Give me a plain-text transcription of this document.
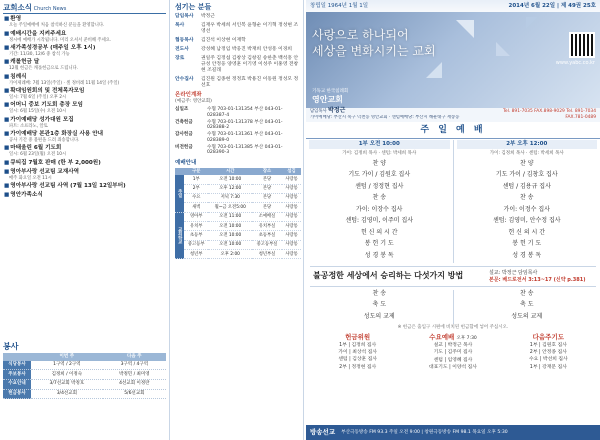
교회소식 Church News
■환영
오늘 주일예배에 처음 참석하신 분들을 환영합니다.
■예배시간을 지켜주세요
정시에 예배가 시작됩니다. 미리 오셔서 준비해 주세요.
■새가족성경공부 (매주일 오후 1시)
기간: 11/30, 12/6 중 참석 가능
■캐롤헌금 달
12월 헌금은 캐롤헌금으로 드립니다.
■침례식
가이제례배: 7월 13일(주일) · 셀 정비례 11월 14일 (주일)
■확대임원회의 및 전체목자모임
일시: 7월 6일 (주일) 오후 2시
■어머니 중보 기도회 총장 모임
일시: 6월 15일(수) 오전 10시
■가이예배당 성가대원 모집
파트: 소프라노, 알토
■가이예배당 본관1층 화장실 사용 안내
공사 기간 중 불편을 드려 죄송합니다.
■마태울린 6월 기도회
일시: 6월 23일(월) 오전 10시
■큐티집 7월호 판매 (한 부 2,000원)
■영아부사랑 선교팀 교재사역
매주 화요일 오전 11시
■영아부사랑 선교팀 사역 (7월 13일 12일부터)
■영안가족소식
봉사
	이번 주	다음 주
식당봉사	1구역 / 2구역	3구역 / 4구역
주보봉사	김정희 / 이정숙	박정민 / 최미영
수요안내	3/7선교회 박정호	4선교회 이정란
헌금봉사	3/4선교회	5/6선교회
섬기는 분들
담임목사	박정근
목사	김재우 박세희 서인복 윤형순 이기혁 정성현 조영선
협동목사	김진석 이상현 이재학
전도사	강성혜 남정임 박웅진 박재희 안성흥 이경희
장로	권일주 김정섭 김창상 김창길 송한춘 백석흥 안규성 안정웅 양영훈 이기영 이성주 이홍영 전창현 조길래
안수집사	김진원 김종현 정정효 박용진 이동원 정성모 정선호
온라인계좌
(예금주: 영안교회)
십일조	수협 703-01-131354 부산 043-01-028387-4
건축헌금	수협 703-01-131378 부산 043-01-028388-2
감사헌금	수협 703-01-131361 부산 043-01-028389-0
비전헌금	수협 703-01-131385 부산 043-01-028390-3
예배안내
	구분	시간	장소	섬김
주일	1부	오전 10:00	본당	사랑통
	2부	오후 12:00	본당	사랑통
	수요	저녁 7:30	본당	사랑통
	새벽	월~금 오전5:00	본당	사랑통
교회학교	영아부	오전 11:00	소예배실	사랑통
	유치부	오전 10:00	유치부실	사랑통
	초등부	오전 10:00	초등부실	사랑통
	중고등부	오전 10:00	중고등부실	사랑통
	청년부	오후 2:00	청년부실	사랑통
창립일 1964년 1월 1일	2014년 6월 22일 | 제 49권 25호
사랑으로 하나되어
세상을 변화시키는 교회
www.yabc.co.kr
기독교 한국침례회
영안교회
담임목사 박정근
가이예배당: 부산시 북구 덕천동 영안교회 · 센텀예배당: 부산시 해운대구 재송동
Tel. 891-7035 FAX.898-9029 Tel. 891-7034 FAX.781-0489
주 일 예 배
1부 오전 10:00
가이: 김정희 목사 · 센텀: 박세희 목사
찬 양
기도 가이 / 김원호 집사
센텀 / 정정현 집사
찬 송
가이: 이장수 집사
센텀: 김영미, 이주미 집사
헌 신 의 시 간
봉 헌 기 도
성 경 봉 독
2부 오후 12:00
가이: 김정희 목사 · 센텀: 박세희 목사
찬 양
기도 가이 / 김창호 집사
센텀 / 김용규 집사
찬 송
가이: 이정수 집사
센텀: 김영미, 안수정 집사
헌 신 의 시 간
봉 헌 기 도
성 경 봉 독
불공정한 세상에서 승리하는 다섯가지 방법	설교: 박정근 담임목사
본문: 베드로전서 3:13~17 (신약 p.381)
찬 송
축 도
성도의 교제
찬 송
축 도
성도의 교제
※ 헌금은 출입구 시편에 비치된 헌금함에 넣어 주십시오.
헌금위원
1부 | 김정희 집사
가이 | 최상석 집사
센텀 | 김상훈 집사
2부 | 정정현 집사
수요예배 오후 7:30
설교 | 박정근 목사
기도 | 김주미 집사
센텀 | 임영혜 집사
대표기도 | 이양석 집사
다음주기도
1부 | 김원호 집사
2부 | 안정종 집사
수요 | 박선희 집사
1부 | 강재문 집사
방송선교 부산극동방송 FM 93.3 주일 오전 9:00 | 창원극동방송 FM 98.1 목요일 오후 5:30
